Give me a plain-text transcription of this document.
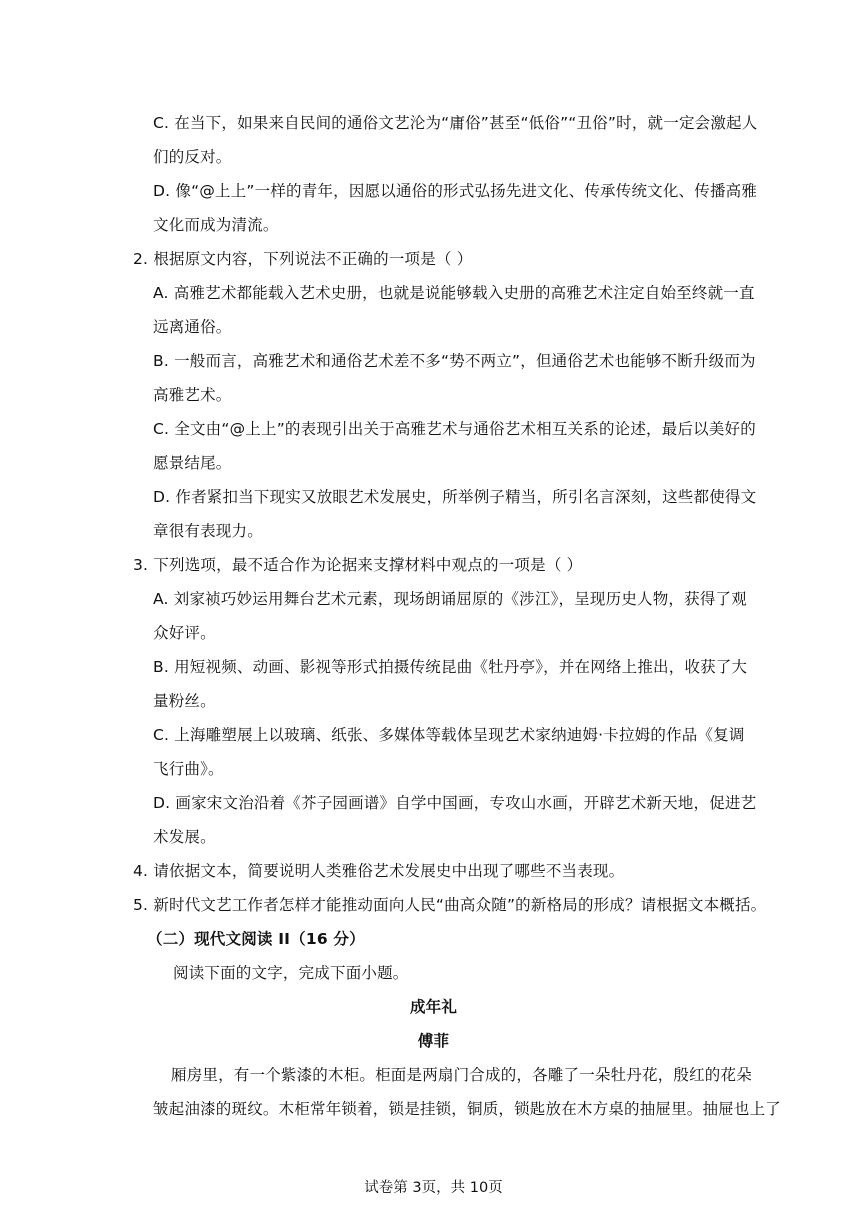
C. 在当下，如果来自民间的通俗文艺沦为“庸俗”甚至“低俗”“丑俗”时，就一定会激起人
们的反对。
D. 像“@上上”一样的青年，因愿以通俗的形式弘扬先进文化、传承传统文化、传播高雅
文化而成为清流。
2. 根据原文内容，下列说法不正确的一项是（ ）
A. 高雅艺术都能载入艺术史册，也就是说能够载入史册的高雅艺术注定自始至终就一直
远离通俗。
B. 一般而言，高雅艺术和通俗艺术差不多“势不两立”，但通俗艺术也能够不断升级而为
高雅艺术。
C. 全文由“@上上”的表现引出关于高雅艺术与通俗艺术相互关系的论述，最后以美好的
愿景结尾。
D. 作者紧扣当下现实又放眼艺术发展史，所举例子精当，所引名言深刻，这些都使得文
章很有表现力。
3. 下列选项，最不适合作为论据来支撑材料中观点的一项是（ ）
A. 刘家祯巧妙运用舞台艺术元素，现场朗诵屈原的《涉江》，呈现历史人物，获得了观
众好评。
B. 用短视频、动画、影视等形式拍摄传统昆曲《牡丹亭》，并在网络上推出，收获了大
量粉丝。
C. 上海雕塑展上以玻璃、纸张、多媒体等载体呈现艺术家纳迪姆·卡拉姆的作品《复调
飞行曲》。
D. 画家宋文治沿着《芥子园画谱》自学中国画，专攻山水画，开辟艺术新天地，促进艺
术发展。
4. 请依据文本，简要说明人类雅俗艺术发展史中出现了哪些不当表现。
5. 新时代文艺工作者怎样才能推动面向人民“曲高众随”的新格局的形成？请根据文本概括。
（二）现代文阅读 II（16 分）
阅读下面的文字，完成下面小题。
成年礼
傅菲
厢房里，有一个紫漆的木柜。柜面是两扇门合成的，各雕了一朵牡丹花，殷红的花朵
皱起油漆的斑纹。木柜常年锁着，锁是挂锁，铜质，锁匙放在木方桌的抽屉里。抽屉也上了
试卷第 3页，共 10页
